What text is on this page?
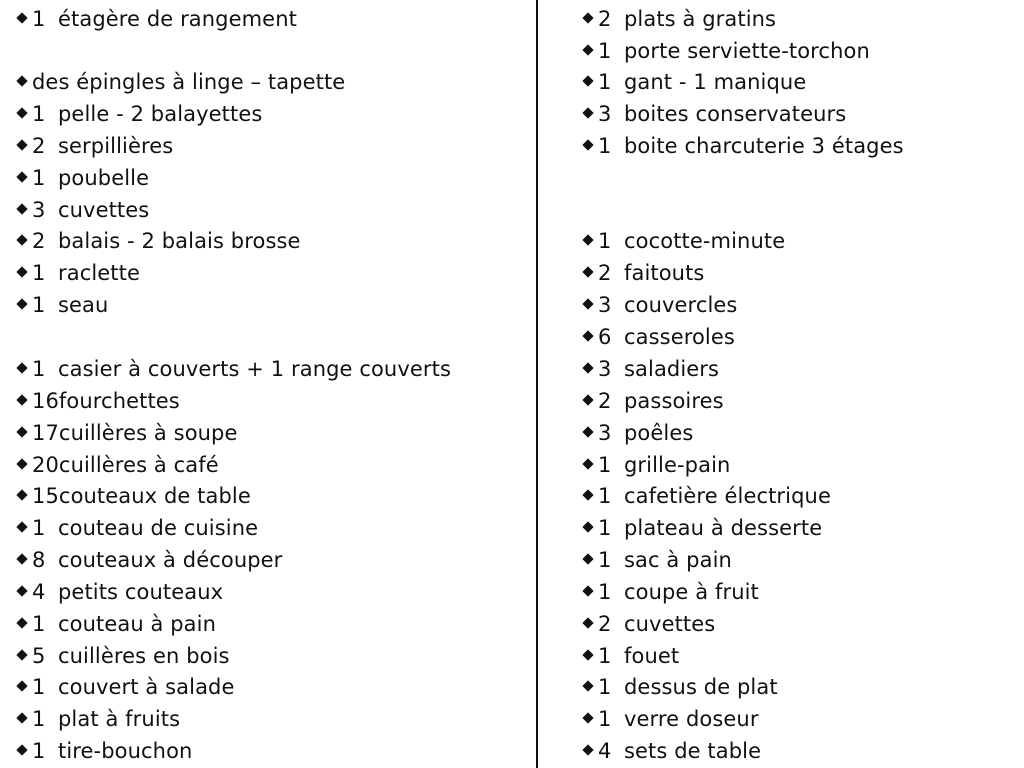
1 étagère de rangement
des épingles à linge – tapette
1 pelle - 2 balayettes
2 serpillières
1 poubelle
3 cuvettes
2 balais - 2 balais brosse
1 raclette
1 seau
1 casier à couverts + 1 range couverts
16fourchettes
17cuillères à soupe
20cuillères à café
15couteaux de table
1 couteau de cuisine
8 couteaux à découper
4 petits couteaux
1 couteau à pain
5 cuillères en bois
1 couvert à salade
1 plat à fruits
1 tire-bouchon
2 plats à gratins
1 porte serviette-torchon
1 gant - 1 manique
3 boites conservateurs
1 boite charcuterie 3 étages
1 cocotte-minute
2 faitouts
3 couvercles
6 casseroles
3 saladiers
2 passoires
3 poêles
1 grille-pain
1 cafetière électrique
1 plateau à desserte
1 sac à pain
1 coupe à fruit
2 cuvettes
1 fouet
1 dessus de plat
1 verre doseur
4 sets de table
